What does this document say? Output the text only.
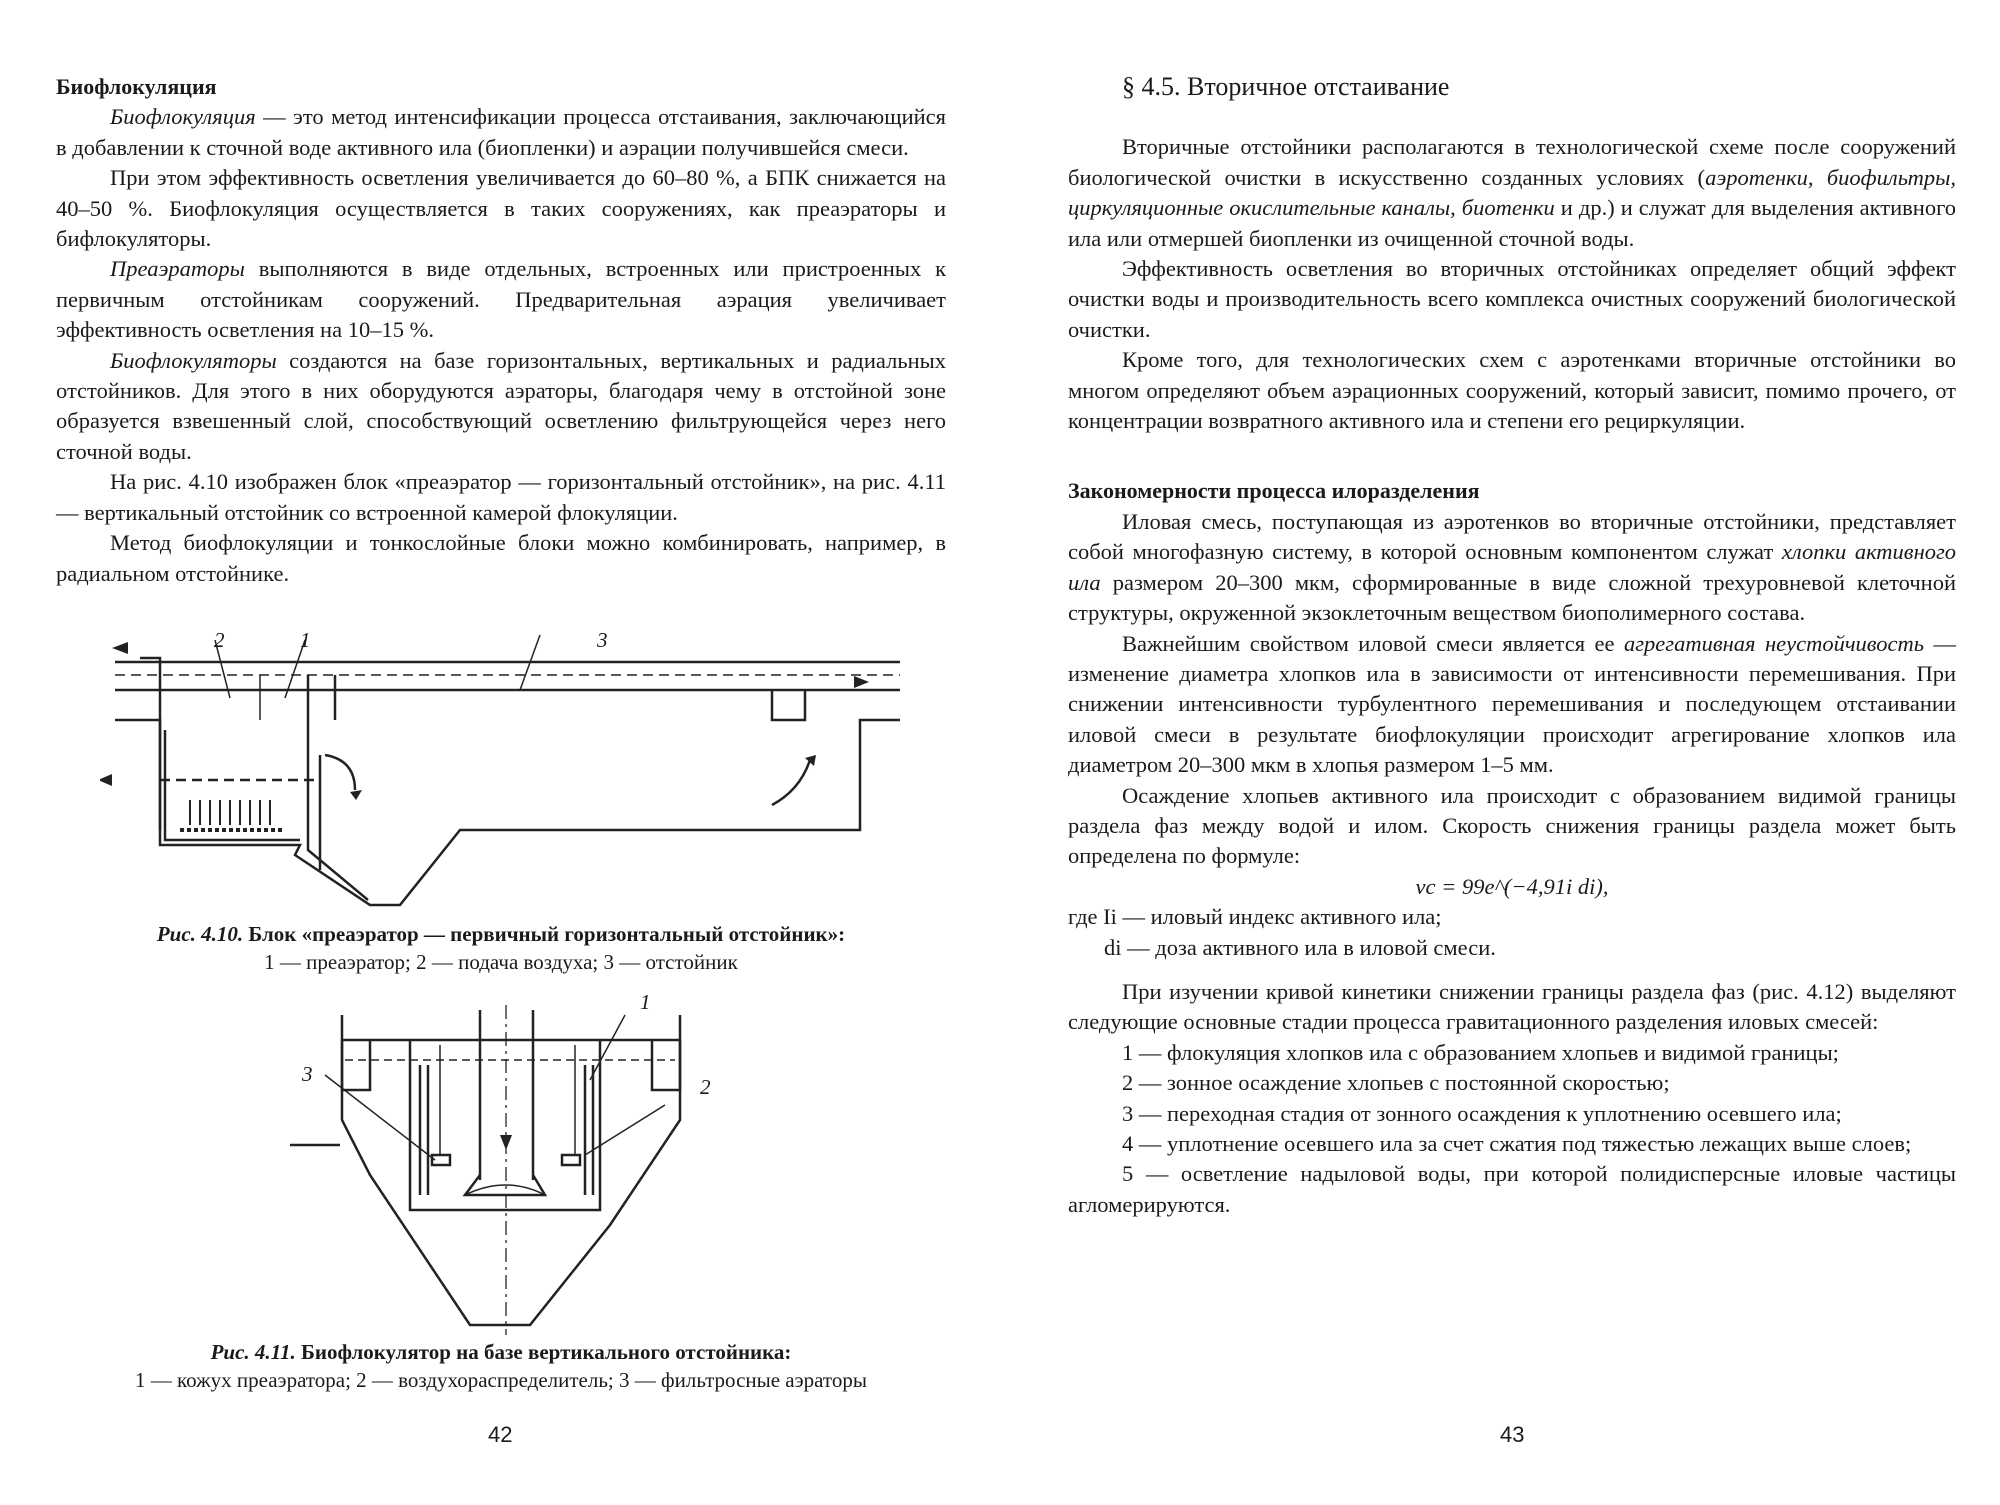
Биофлокуляция

Биофлокуляция — это метод интенсификации процесса отстаивания, заключающийся в добавлении к сточной воде активного ила (биопленки) и аэрации получившейся смеси.

При этом эффективность осветления увеличивается до 60–80 %, а БПК снижается на 40–50 %. Биофлокуляция осуществляется в таких сооружениях, как преаэраторы и бифлокуляторы.

Преаэраторы выполняются в виде отдельных, встроенных или пристроенных к первичным отстойникам сооружений. Предварительная аэрация увеличивает эффективность осветления на 10–15 %.

Биофлокуляторы создаются на базе горизонтальных, вертикальных и радиальных отстойников. Для этого в них оборудуются аэраторы, благодаря чему в отстойной зоне образуется взвешенный слой, способствующий осветлению фильтрующейся через него сточной воды.

На рис. 4.10 изображен блок «преаэратор — горизонтальный отстойник», на рис. 4.11 — вертикальный отстойник со встроенной камерой флокуляции.

Метод биофлокуляции и тонкослойные блоки можно комбинировать, например, в радиальном отстойнике.

2	1	3
Рис. 4.10. Блок «преаэратор — первичный горизонтальный отстойник»:
1 — преаэратор; 2 — подача воздуха; 3 — отстойник
1
2
3
Рис. 4.11. Биофлокулятор на базе вертикального отстойника:
1 — кожух преаэратора; 2 — воздухораспределитель; 3 — фильтросные аэраторы
42

§ 4.5. Вторичное отстаивание

Вторичные отстойники располагаются в технологической схеме после сооружений биологической очистки в искусственно созданных условиях (аэротенки, биофильтры, циркуляционные окислительные каналы, биотенки и др.) и служат для выделения активного ила или отмершей биопленки из очищенной сточной воды.

Эффективность осветления во вторичных отстойниках определяет общий эффект очистки воды и производительность всего комплекса очистных сооружений биологической очистки.

Кроме того, для технологических схем с аэротенками вторичные отстойники во многом определяют объем аэрационных сооружений, который зависит, помимо прочего, от концентрации возвратного активного ила и степени его рециркуляции.

Закономерности процесса илоразделения

Иловая смесь, поступающая из аэротенков во вторичные отстойники, представляет собой многофазную систему, в которой основным компонентом служат хлопки активного ила размером 20–300 мкм, сформированные в виде сложной трехуровневой клеточной структуры, окруженной экзоклеточным веществом биополимерного состава.

Важнейшим свойством иловой смеси является ее агрегативная неустойчивость — изменение диаметра хлопков ила в зависимости от интенсивности перемешивания. При снижении интенсивности турбулентного перемешивания и последующем отстаивании иловой смеси в результате биофлокуляции происходит агрегирование хлопков ила диаметром 20–300 мкм в хлопья размером 1–5 мм.

Осаждение хлопьев активного ила происходит с образованием видимой границы раздела фаз между водой и илом. Скорость снижения границы раздела может быть определена по формуле:

vc = 99e^(−4,91i di),

где Ii — иловый индекс активного ила;

di — доза активного ила в иловой смеси.

При изучении кривой кинетики снижении границы раздела фаз (рис. 4.12) выделяют следующие основные стадии процесса гравитационного разделения иловых смесей:

1 — флокуляция хлопков ила с образованием хлопьев и видимой границы;

2 — зонное осаждение хлопьев с постоянной скоростью;

3 — переходная стадия от зонного осаждения к уплотнению осевшего ила;

4 — уплотнение осевшего ила за счет сжатия под тяжестью лежащих выше слоев;

5 — осветление надыловой воды, при которой полидисперсные иловые частицы агломерируются.

43
